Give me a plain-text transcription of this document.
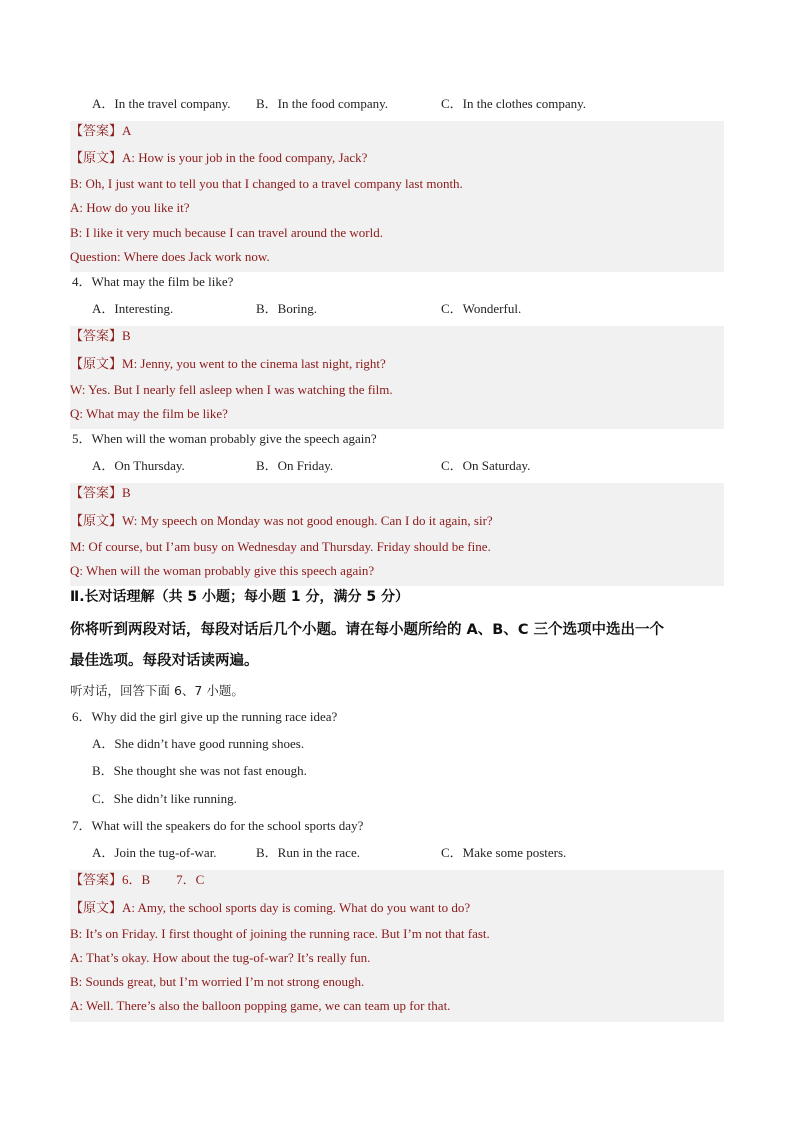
A．In the travel company. B．In the food company.	C．In the clothes company.
【答案】A
【原文】A: How is your job in the food company, Jack?
B: Oh, I just want to tell you that I changed to a travel company last month.
A: How do you like it?
B: I like it very much because I can travel around the world.
Question: Where does Jack work now.
4．What may the film be like?
A．Interesting.	B．Boring.	C．Wonderful.
【答案】B
【原文】M: Jenny, you went to the cinema last night, right?
W: Yes. But I nearly fell asleep when I was watching the film.
Q: What may the film be like?
5．When will the woman probably give the speech again?
A．On Thursday.	B．On Friday.	C．On Saturday.
【答案】B
【原文】W: My speech on Monday was not good enough. Can I do it again, sir?
M: Of course, but I’am busy on Wednesday and Thursday. Friday should be fine.
Q: When will the woman probably give this speech again?
Ⅱ.长对话理解（共 5 小题；每小题 1 分，满分 5 分）
你将听到两段对话，每段对话后几个小题。请在每小题所给的 A、B、C 三个选项中选出一个
最佳选项。每段对话读两遍。
听对话，回答下面 6、7 小题。
6．Why did the girl give up the running race idea?
A．She didn’t have good running shoes.
B．She thought she was not fast enough.
C．She didn’t like running.
7．What will the speakers do for the school sports day?
A．Join the tug-of-war.	B．Run in the race.	C．Make some posters.
【答案】6．B        7．C
【原文】A: Amy, the school sports day is coming. What do you want to do?
B: It’s on Friday. I first thought of joining the running race. But I’m not that fast.
A: That’s okay. How about the tug-of-war? It’s really fun.
B: Sounds great, but I’m worried I’m not strong enough.
A: Well. There’s also the balloon popping game, we can team up for that.
